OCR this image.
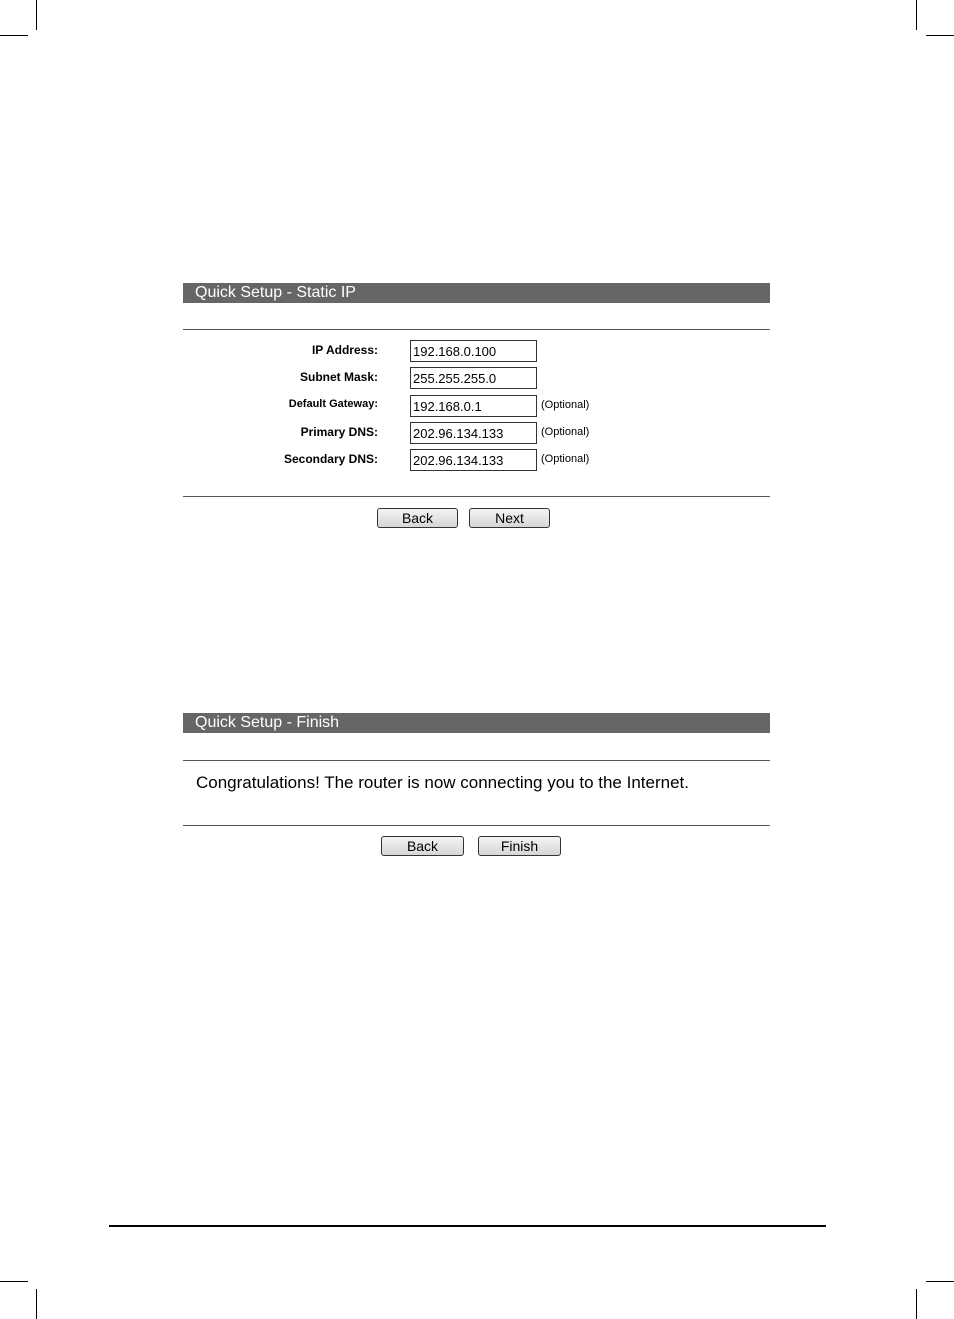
Quick Setup - Static IP
IP Address:
192.168.0.100
Subnet Mask:
255.255.255.0
Default Gateway:
192.168.0.1	(Optional)
Primary DNS:
202.96.134.133	(Optional)
Secondary DNS:
202.96.134.133	(Optional)
Back	Next
Quick Setup - Finish
Congratulations! The router is now connecting you to the Internet.
Back	Finish
